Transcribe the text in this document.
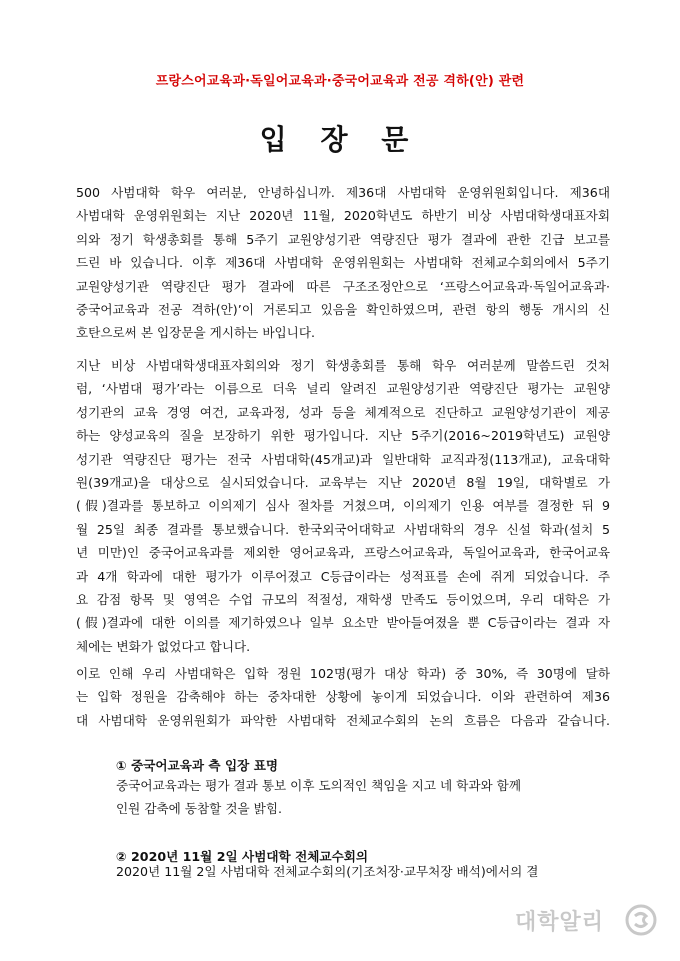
프랑스어교육과·독일어교육과·중국어교육과 전공 격하(안) 관련
입 장 문
500 사범대학 학우 여러분, 안녕하십니까. 제36대 사범대학 운영위원회입니다. 제36대
사범대학 운영위원회는 지난 2020년 11월, 2020학년도 하반기 비상 사범대학생대표자회
의와 정기 학생총회를 통해 5주기 교원양성기관 역량진단 평가 결과에 관한 긴급 보고를
드린 바 있습니다. 이후 제36대 사범대학 운영위원회는 사범대학 전체교수회의에서 5주기
교원양성기관 역량진단 평가 결과에 따른 구조조정안으로 ‘프랑스어교육과·독일어교육과·
중국어교육과 전공 격하(안)’이 거론되고 있음을 확인하였으며, 관련 항의 행동 개시의 신
호탄으로써 본 입장문을 게시하는 바입니다.
지난 비상 사범대학생대표자회의와 정기 학생총회를 통해 학우 여러분께 말씀드린 것처
럼, ‘사범대 평가’라는 이름으로 더욱 널리 알려진 교원양성기관 역량진단 평가는 교원양
성기관의 교육 경영 여건, 교육과정, 성과 등을 체계적으로 진단하고 교원양성기관이 제공
하는 양성교육의 질을 보장하기 위한 평가입니다. 지난 5주기(2016~2019학년도) 교원양
성기관 역량진단 평가는 전국 사범대학(45개교)과 일반대학 교직과정(113개교), 교육대학
원(39개교)을 대상으로 실시되었습니다. 교육부는 지난 2020년 8월 19일, 대학별로 가
(假)결과를 통보하고 이의제기 심사 절차를 거쳤으며, 이의제기 인용 여부를 결정한 뒤 9
월 25일 최종 결과를 통보했습니다. 한국외국어대학교 사범대학의 경우 신설 학과(설치 5
년 미만)인 중국어교육과를 제외한 영어교육과, 프랑스어교육과, 독일어교육과, 한국어교육
과 4개 학과에 대한 평가가 이루어졌고 C등급이라는 성적표를 손에 쥐게 되었습니다. 주
요 감점 항목 및 영역은 수업 규모의 적절성, 재학생 만족도 등이었으며, 우리 대학은 가
(假)결과에 대한 이의를 제기하였으나 일부 요소만 받아들여졌을 뿐 C등급이라는 결과 자
체에는 변화가 없었다고 합니다.
이로 인해 우리 사범대학은 입학 정원 102명(평가 대상 학과) 중 30%, 즉 30명에 달하
는 입학 정원을 감축해야 하는 중차대한 상황에 놓이게 되었습니다. 이와 관련하여 제36
대 사범대학 운영위원회가 파악한 사범대학 전체교수회의 논의 흐름은 다음과 같습니다.
① 중국어교육과 측 입장 표명
중국어교육과는 평가 결과 통보 이후 도의적인 책임을 지고 네 학과와 함께
인원 감축에 동참할 것을 밝힘.
② 2020년 11월 2일 사범대학 전체교수회의
2020년 11월 2일 사범대학 전체교수회의(기조처장·교무처장 배석)에서의 결
대학알리
